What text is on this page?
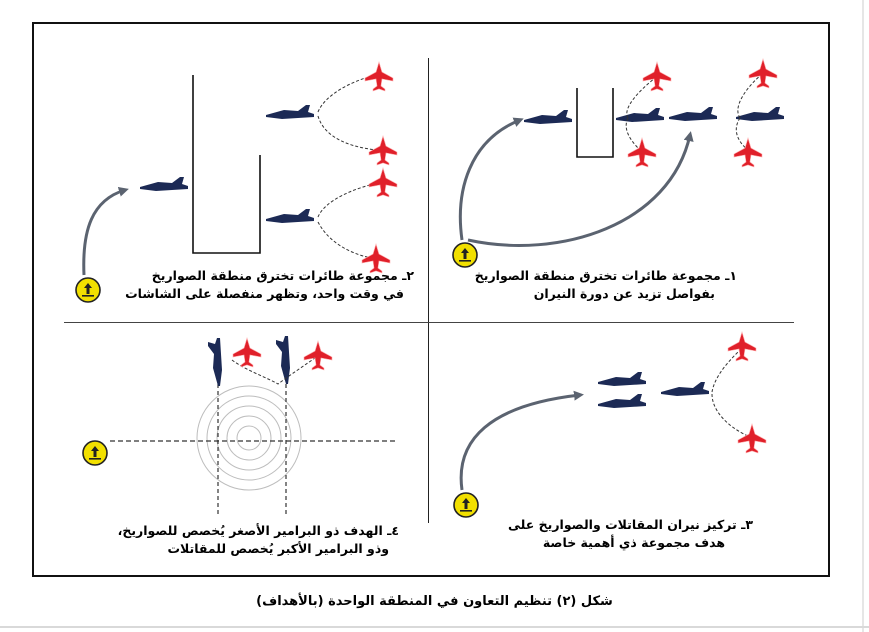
١ـ مجموعة طائرات تخترق منطقة الصواريخ
بفواصل تزيد عن دورة النيران
٢ـ مجموعة طائرات تخترق منطقة الصواريخ
في وقت واحد، وتظهر منفصلة على الشاشات
٣ـ تركيز نيران المقاتلات والصواريخ على
هدف مجموعة ذي أهمية خاصة
٤ـ الهدف ذو البرامير الأصغر يُخصص للصواريخ،
وذو البرامير الأكبر يُخصص للمقاتلات
شكل (٢) تنظيم التعاون في المنطقة الواحدة (بالأهداف)
